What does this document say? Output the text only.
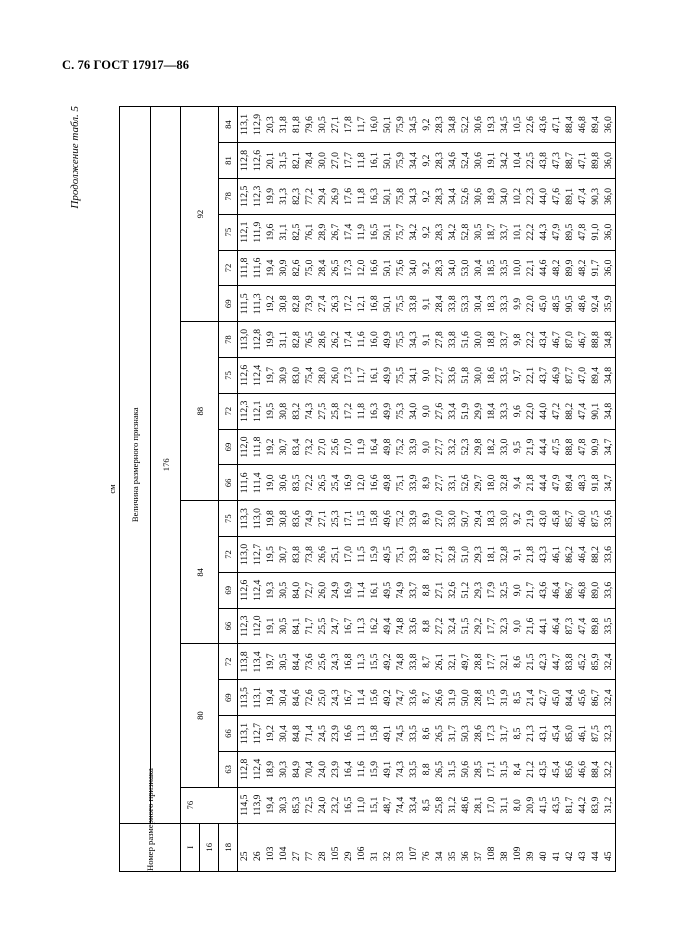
С. 76 ГОСТ 17917—86
Продолжение табл. 5
см																				
Номер размерного признака	Величина размерного признака																			
	176																			
I	76	80				84				88					92					
16																				
18		63	66	69	72	66	69	72	75	66	69	72	75	78	69	72	75	78	81	84
25	114,5	112,8	113,1	113,5	113,8	112,3	112,6	113,0	113,3	111,6	112,0	112,3	112,6	113,0	111,5	111,8	112,1	112,5	112,8	113,1
26	113,9	112,4	112,7	113,1	113,4	112,0	112,4	112,7	113,0	111,4	111,8	112,1	112,4	112,8	111,3	111,6	111,9	112,3	112,6	112,9
103	19,4	18,9	19,2	19,4	19,7	19,1	19,3	19,5	19,8	19,0	19,2	19,5	19,7	19,9	19,2	19,4	19,6	19,9	20,1	20,3
104	30,3	30,3	30,4	30,4	30,5	30,5	30,5	30,7	30,8	30,6	30,7	30,8	30,9	31,1	30,8	30,9	31,1	31,3	31,5	31,8
27	85,3	84,9	84,8	84,6	84,4	84,1	84,0	83,8	83,6	83,5	83,4	83,2	83,0	82,8	82,8	82,6	82,5	82,3	82,1	81,8
77	72,5	70,4	71,4	72,6	73,6	71,7	72,7	73,8	74,9	72,2	73,2	74,3	75,4	76,5	73,9	75,0	76,1	77,2	78,4	79,6
28	24,0	24,0	24,5	25,0	25,6	25,5	26,0	26,6	27,1	26,5	27,0	27,5	28,0	28,6	27,4	28,4	28,9	29,4	30,0	30,5
105	23,2	23,9	23,9	24,3	24,3	24,7	24,9	25,1	25,3	25,4	25,6	25,8	26,0	26,2	26,3	26,5	26,7	26,9	27,0	27,1
29	16,5	16,4	16,6	16,7	16,8	16,7	16,9	17,0	17,1	16,9	17,0	17,2	17,3	17,4	17,2	17,3	17,4	17,6	17,7	17,8
106	11,0	11,6	11,3	11,4	11,3	11,3	11,4	11,5	11,5	12,0	11,9	11,8	11,7	11,6	12,1	12,0	11,9	11,8	11,8	11,7
31	15,1	15,9	15,8	15,6	15,5	16,2	16,1	15,9	15,8	16,6	16,4	16,3	16,1	16,0	16,8	16,6	16,5	16,3	16,1	16,0
32	48,7	49,1	49,1	49,2	49,2	49,4	49,5	49,5	49,6	49,8	49,8	49,9	49,9	49,9	50,1	50,1	50,1	50,1	50,1	50,1
33	74,4	74,3	74,5	74,7	74,8	74,8	74,9	75,1	75,2	75,1	75,2	75,3	75,5	75,5	75,5	75,6	75,7	75,8	75,9	75,9
107	33,4	33,5	33,5	33,6	33,8	33,6	33,7	33,9	33,9	33,9	33,9	34,0	34,1	34,3	33,8	34,0	34,2	34,3	34,4	34,5
76	8,5	8,8	8,6	8,7	8,7	8,8	8,8	8,8	8,9	8,9	9,0	9,0	9,0	9,1	9,1	9,2	9,2	9,2	9,2	9,2
34	25,8	26,5	26,5	26,6	26,1	27,2	27,1	27,1	27,0	27,7	27,7	27,6	27,7	27,8	28,4	28,3	28,3	28,3	28,3	28,3
35	31,2	31,5	31,7	31,9	32,1	32,4	32,6	32,8	33,0	33,1	33,2	33,4	33,6	33,8	33,8	34,0	34,2	34,4	34,6	34,8
36	48,6	50,6	50,3	50,0	49,7	51,5	51,2	51,0	50,7	52,6	52,3	51,9	51,8	51,6	53,3	53,0	52,8	52,6	52,4	52,2
37	28,1	28,5	28,6	28,8	28,8	29,2	29,3	29,3	29,4	29,7	29,8	29,9	30,0	30,0	30,4	30,4	30,5	30,6	30,6	30,6
108	17,0	17,1	17,3	17,5	17,7	17,7	17,9	18,1	18,3	18,0	18,2	18,4	18,6	18,8	18,3	18,5	18,7	18,9	19,1	19,3
38	31,1	31,5	31,7	31,9	32,1	32,3	32,5	32,8	33,0	32,8	33,0	33,3	33,5	33,7	33,3	33,5	33,7	34,0	34,2	34,5
109	8,0	8,4	8,5	8,5	8,6	9,0	9,0	9,1	9,2	9,4	9,5	9,6	9,7	9,8	9,9	10,0	10,1	10,2	10,4	10,5
39	20,9	21,2	21,3	21,4	21,5	21,6	21,7	21,8	21,9	21,8	21,9	22,0	22,1	22,2	22,0	22,1	22,2	22,3	22,5	22,6
40	41,5	43,5	43,1	42,7	42,3	44,1	43,6	43,3	43,0	44,4	44,4	44,0	43,7	43,4	45,0	44,6	44,3	44,0	43,8	43,6
41	43,5	45,4	45,4	45,0	44,7	46,4	46,4	46,1	45,8	47,9	47,5	47,2	46,9	46,7	48,5	48,2	47,9	47,6	47,3	47,1
42	81,7	85,6	85,0	84,4	83,8	87,3	86,7	86,2	85,7	89,4	88,8	88,2	87,7	87,0	90,5	89,9	89,5	89,1	88,7	88,4
43	44,2	46,6	46,1	45,6	45,2	47,4	46,8	46,4	46,0	48,3	47,8	47,4	47,0	46,7	48,6	48,2	47,8	47,4	47,1	46,8
44	83,9	88,4	87,5	86,7	85,9	89,8	89,0	88,2	87,5	91,8	90,9	90,1	89,4	88,8	92,4	91,7	91,0	90,3	89,8	89,4
45	31,2	32,2	32,3	32,4	32,4	33,5	33,6	33,6	33,6	34,7	34,7	34,8	34,8	34,8	35,9	36,0	36,0	36,0	36,0	36,0
